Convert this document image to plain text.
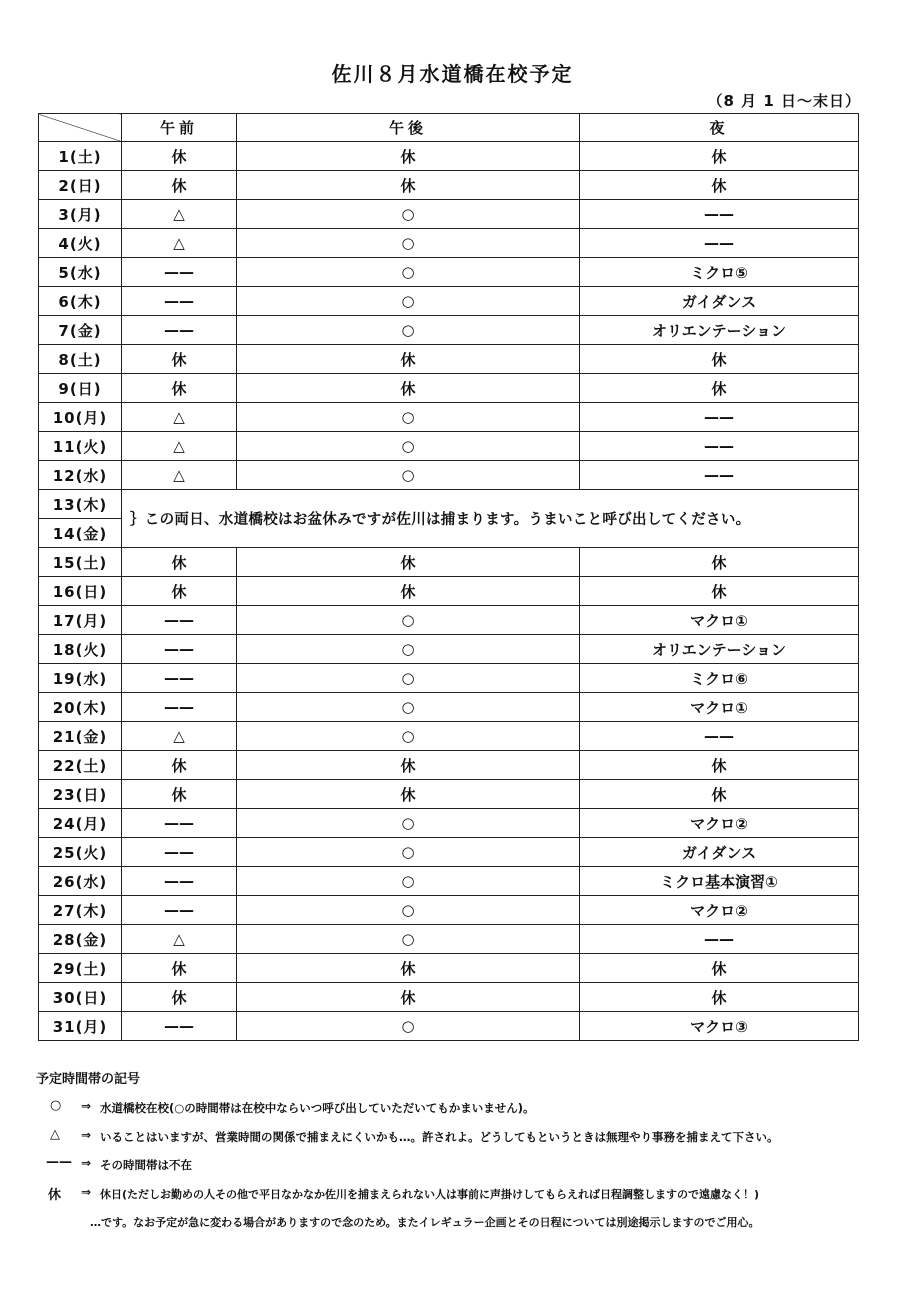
佐川８月水道橋在校予定
（8 月 1 日〜末日）
	午前	午後	夜
1(土)	休	休	休
2(日)	休	休	休
3(月)	△	○	——
4(火)	△	○	——
5(水)	——	○	ミクロ⑤
6(木)	——	○	ガイダンス
7(金)	——	○	オリエンテーション
8(土)	休	休	休
9(日)	休	休	休
10(月)	△	○	——
11(火)	△	○	——
12(水)	△	○	——
13(木)	｝この両日、水道橋校はお盆休みですが佐川は捕まります。うまいこと呼び出してください。		
14(金)			
15(土)	休	休	休
16(日)	休	休	休
17(月)	——	○	マクロ①
18(火)	——	○	オリエンテーション
19(水)	——	○	ミクロ⑥
20(木)	——	○	マクロ①
21(金)	△	○	——
22(土)	休	休	休
23(日)	休	休	休
24(月)	——	○	マクロ②
25(火)	——	○	ガイダンス
26(水)	——	○	ミクロ基本演習①
27(木)	——	○	マクロ②
28(金)	△	○	——
29(土)	休	休	休
30(日)	休	休	休
31(月)	——	○	マクロ③
予定時間帯の記号
○ ⇒ 水道橋校在校(○の時間帯は在校中ならいつ呼び出していただいてもかまいません)。
△ ⇒ いることはいますが、営業時間の関係で捕まえにくいかも…。許されよ。どうしてもというときは無理やり事務を捕まえて下さい。
—— ⇒ その時間帯は不在
休 ⇒ 休日(ただしお勤めの人その他で平日なかなか佐川を捕まえられない人は事前に声掛けしてもらえれば日程調整しますので遠慮なく！)
…です。なお予定が急に変わる場合がありますので念のため。またイレギュラー企画とその日程については別途掲示しますのでご用心。
